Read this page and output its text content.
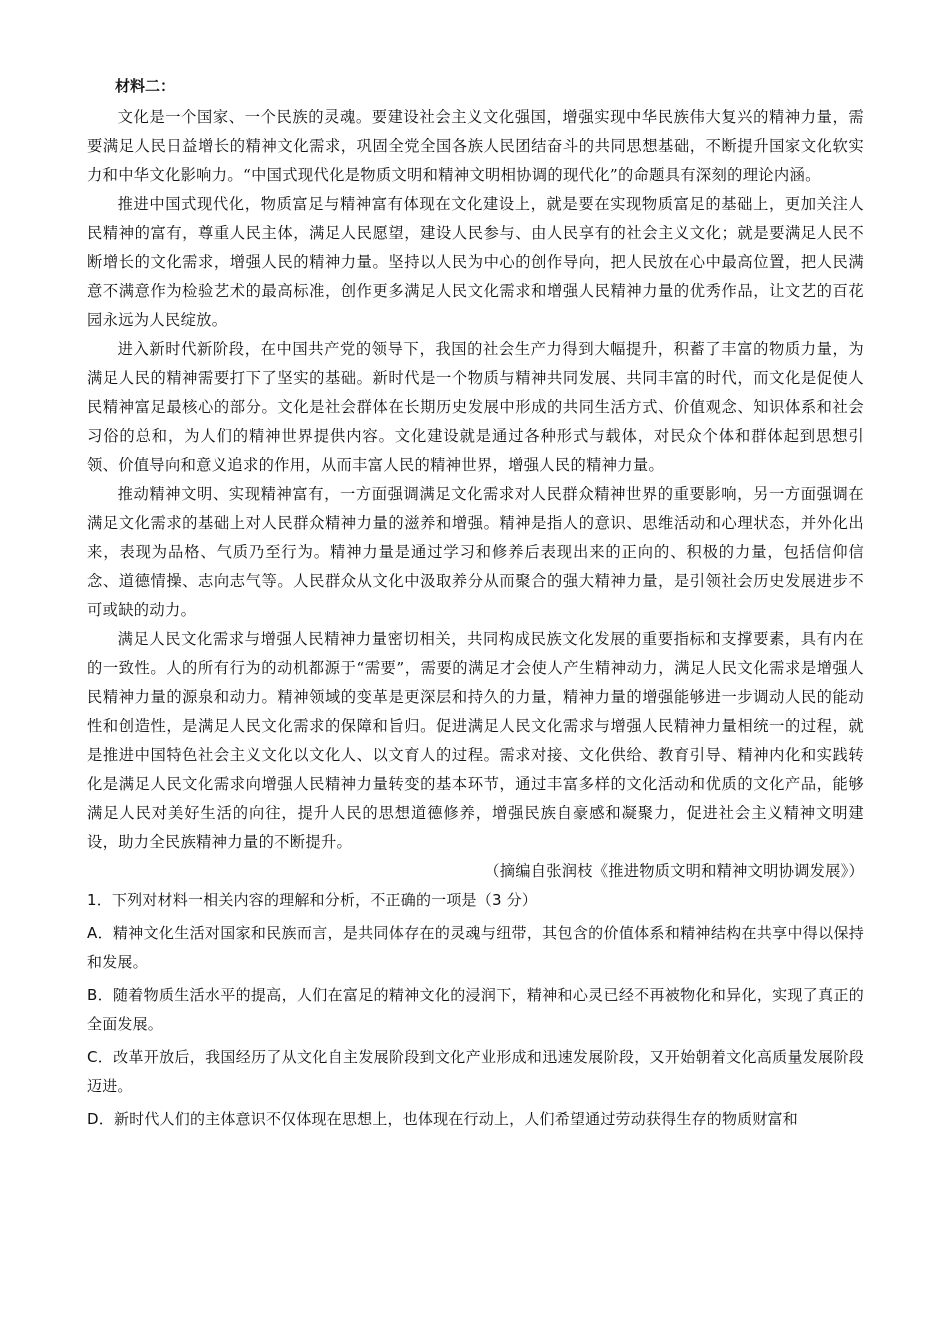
材料二：

文化是一个国家、一个民族的灵魂。要建设社会主义文化强国，增强实现中华民族伟大复兴的精神力量，需要满足人民日益增长的精神文化需求，巩固全党全国各族人民团结奋斗的共同思想基础，不断提升国家文化软实力和中华文化影响力。“中国式现代化是物质文明和精神文明相协调的现代化”的命题具有深刻的理论内涵。

推进中国式现代化，物质富足与精神富有体现在文化建设上，就是要在实现物质富足的基础上，更加关注人民精神的富有，尊重人民主体，满足人民愿望，建设人民参与、由人民享有的社会主义文化；就是要满足人民不断增长的文化需求，增强人民的精神力量。坚持以人民为中心的创作导向，把人民放在心中最高位置，把人民满意不满意作为检验艺术的最高标准，创作更多满足人民文化需求和增强人民精神力量的优秀作品，让文艺的百花园永远为人民绽放。

进入新时代新阶段，在中国共产党的领导下，我国的社会生产力得到大幅提升，积蓄了丰富的物质力量，为满足人民的精神需要打下了坚实的基础。新时代是一个物质与精神共同发展、共同丰富的时代，而文化是促使人民精神富足最核心的部分。文化是社会群体在长期历史发展中形成的共同生活方式、价值观念、知识体系和社会习俗的总和，为人们的精神世界提供内容。文化建设就是通过各种形式与载体，对民众个体和群体起到思想引领、价值导向和意义追求的作用，从而丰富人民的精神世界，增强人民的精神力量。

推动精神文明、实现精神富有，一方面强调满足文化需求对人民群众精神世界的重要影响，另一方面强调在满足文化需求的基础上对人民群众精神力量的滋养和增强。精神是指人的意识、思维活动和心理状态，并外化出来，表现为品格、气质乃至行为。精神力量是通过学习和修养后表现出来的正向的、积极的力量，包括信仰信念、道德情操、志向志气等。人民群众从文化中汲取养分从而聚合的强大精神力量，是引领社会历史发展进步不可或缺的动力。

满足人民文化需求与增强人民精神力量密切相关，共同构成民族文化发展的重要指标和支撑要素，具有内在的一致性。人的所有行为的动机都源于“需要”，需要的满足才会使人产生精神动力，满足人民文化需求是增强人民精神力量的源泉和动力。精神领域的变革是更深层和持久的力量，精神力量的增强能够进一步调动人民的能动性和创造性，是满足人民文化需求的保障和旨归。促进满足人民文化需求与增强人民精神力量相统一的过程，就是推进中国特色社会主义文化以文化人、以文育人的过程。需求对接、文化供给、教育引导、精神内化和实践转化是满足人民文化需求向增强人民精神力量转变的基本环节，通过丰富多样的文化活动和优质的文化产品，能够满足人民对美好生活的向往，提升人民的思想道德修养，增强民族自豪感和凝聚力，促进社会主义精神文明建设，助力全民族精神力量的不断提升。

（摘编自张润枝《推进物质文明和精神文明协调发展》）

1．下列对材料一相关内容的理解和分析，不正确的一项是（3 分）

A．精神文化生活对国家和民族而言，是共同体存在的灵魂与纽带，其包含的价值体系和精神结构在共享中得以保持和发展。

B．随着物质生活水平的提高，人们在富足的精神文化的浸润下，精神和心灵已经不再被物化和异化，实现了真正的全面发展。

C．改革开放后，我国经历了从文化自主发展阶段到文化产业形成和迅速发展阶段，又开始朝着文化高质量发展阶段迈进。

D．新时代人们的主体意识不仅体现在思想上，也体现在行动上，人们希望通过劳动获得生存的物质财富和
